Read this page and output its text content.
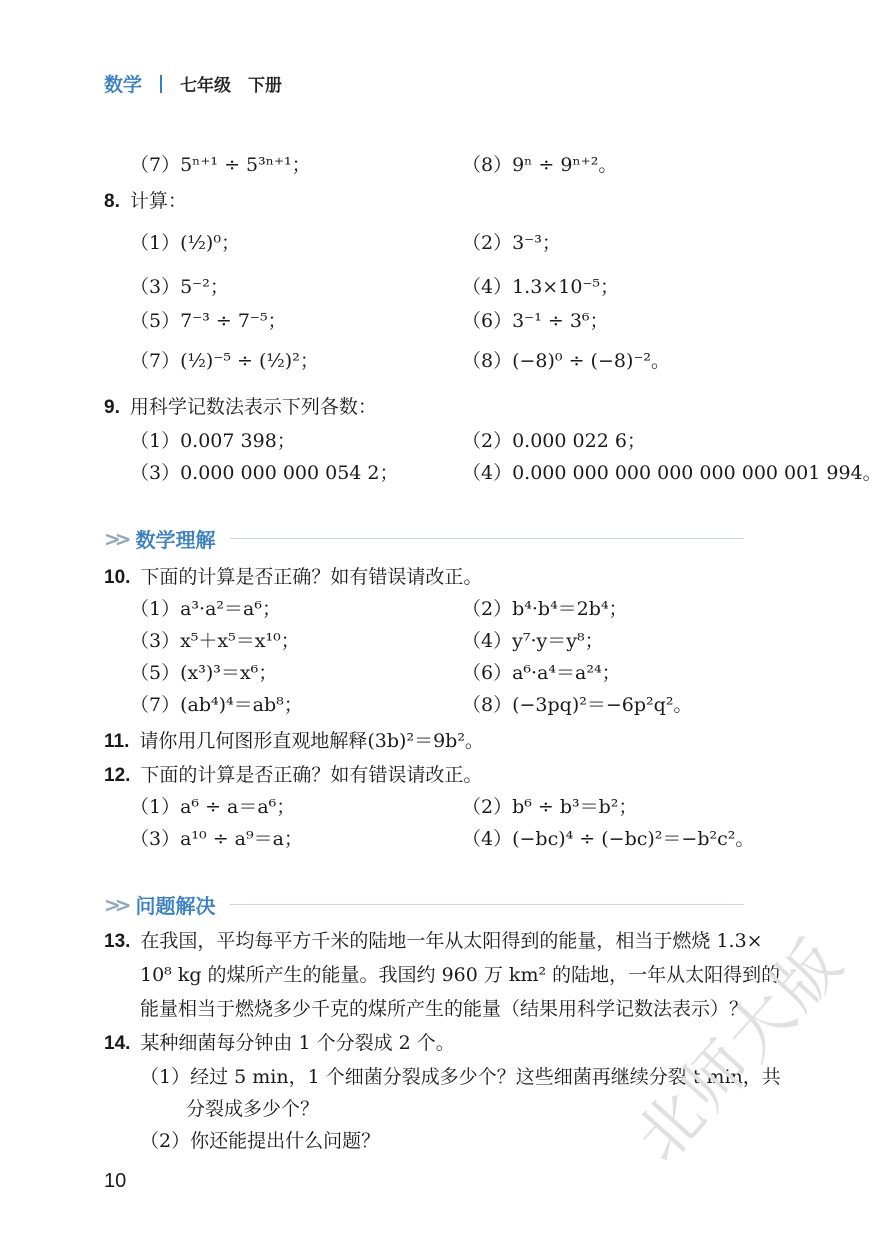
数学 七年级　下册
（7）5ⁿ⁺¹ ÷ 5³ⁿ⁺¹；	（8）9ⁿ ÷ 9ⁿ⁺²。
8. 计算：
（1）(½)⁰；	（2）3⁻³；
（3）5⁻²；	（4）1.3×10⁻⁵；
（5）7⁻³ ÷ 7⁻⁵；	（6）3⁻¹ ÷ 3⁶；
（7）(½)⁻⁵ ÷ (½)²；	（8）(−8)⁰ ÷ (−8)⁻²。
9. 用科学记数法表示下列各数：
（1）0.007 398；	（2）0.000 022 6；
（3）0.000 000 000 054 2；	（4）0.000 000 000 000 000 000 001 994。
>> 数学理解
10. 下面的计算是否正确？如有错误请改正。
（1）a³·a²＝a⁶；	（2）b⁴·b⁴＝2b⁴；
（3）x⁵＋x⁵＝x¹⁰；	（4）y⁷·y＝y⁸；
（5）(x³)³＝x⁶；	（6）a⁶·a⁴＝a²⁴；
（7）(ab⁴)⁴＝ab⁸；	（8）(−3pq)²＝−6p²q²。
11. 请你用几何图形直观地解释(3b)²＝9b²。
12. 下面的计算是否正确？如有错误请改正。
（1）a⁶ ÷ a＝a⁶；	（2）b⁶ ÷ b³＝b²；
（3）a¹⁰ ÷ a⁹＝a；	（4）(−bc)⁴ ÷ (−bc)²＝−b²c²。
>> 问题解决
13. 在我国，平均每平方千米的陆地一年从太阳得到的能量，相当于燃烧 1.3×
10⁸ kg 的煤所产生的能量。我国约 960 万 km² 的陆地，一年从太阳得到的
能量相当于燃烧多少千克的煤所产生的能量（结果用科学记数法表示）？
14. 某种细菌每分钟由 1 个分裂成 2 个。
（1）经过 5 min，1 个细菌分裂成多少个？这些细菌再继续分裂 t min，共
分裂成多少个？
（2）你还能提出什么问题？
10
北师大版
